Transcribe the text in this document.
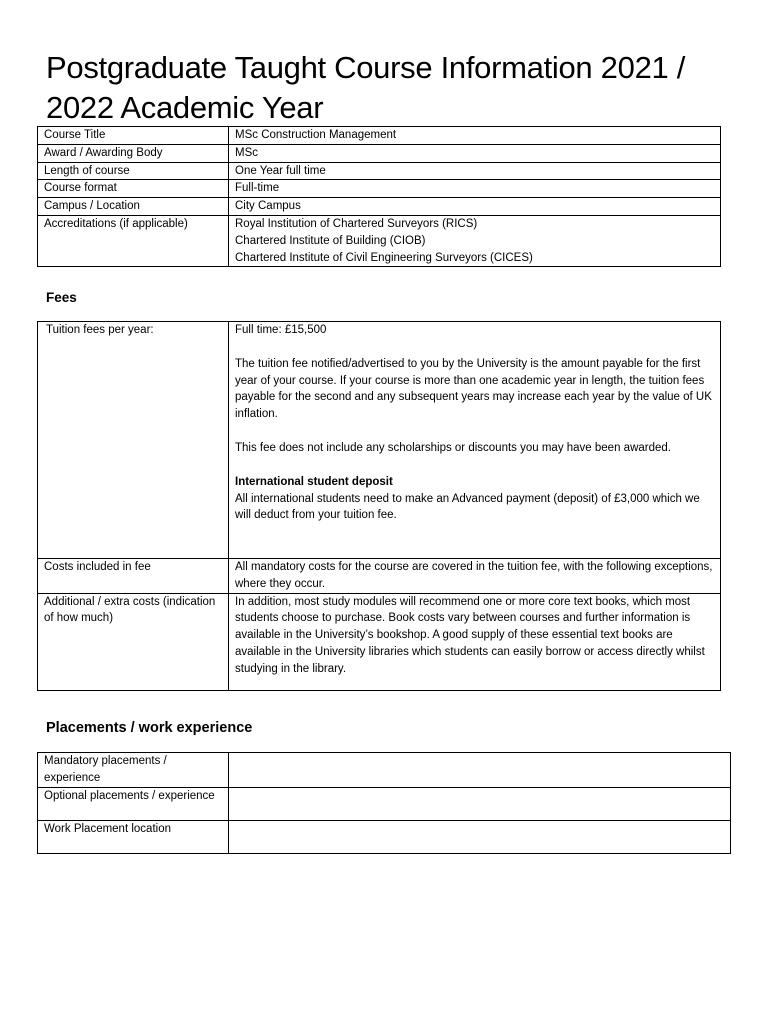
Postgraduate Taught Course Information 2021 / 2022 Academic Year
Course Title	MSc Construction Management
Award / Awarding Body	MSc
Length of course	One Year full time
Course format	Full-time
Campus / Location	City Campus
Accreditations (if applicable)	Royal Institution of Chartered Surveyors (RICS)
Chartered Institute of Building (CIOB)
Chartered Institute of Civil Engineering Surveyors (CICES)
Fees
Tuition fees per year:	Full time: £15,500

The tuition fee notified/advertised to you by the University is the amount payable for the first year of your course. If your course is more than one academic year in length, the tuition fees payable for the second and any subsequent years may increase each year by the value of UK inflation.

This fee does not include any scholarships or discounts you may have been awarded.

International student deposit
All international students need to make an Advanced payment (deposit) of £3,000 which we will deduct from your tuition fee.

Costs included in fee	All mandatory costs for the course are covered in the tuition fee, with the following exceptions, where they occur.
Additional / extra costs (indication of how much)	In addition, most study modules will recommend one or more core text books, which most students choose to purchase. Book costs vary between courses and further information is available in the University’s bookshop. A good supply of these essential text books are available in the University libraries which students can easily borrow or access directly whilst studying in the library.
Placements / work experience
Mandatory placements / experience	
Optional placements / experience	
Work Placement location	
